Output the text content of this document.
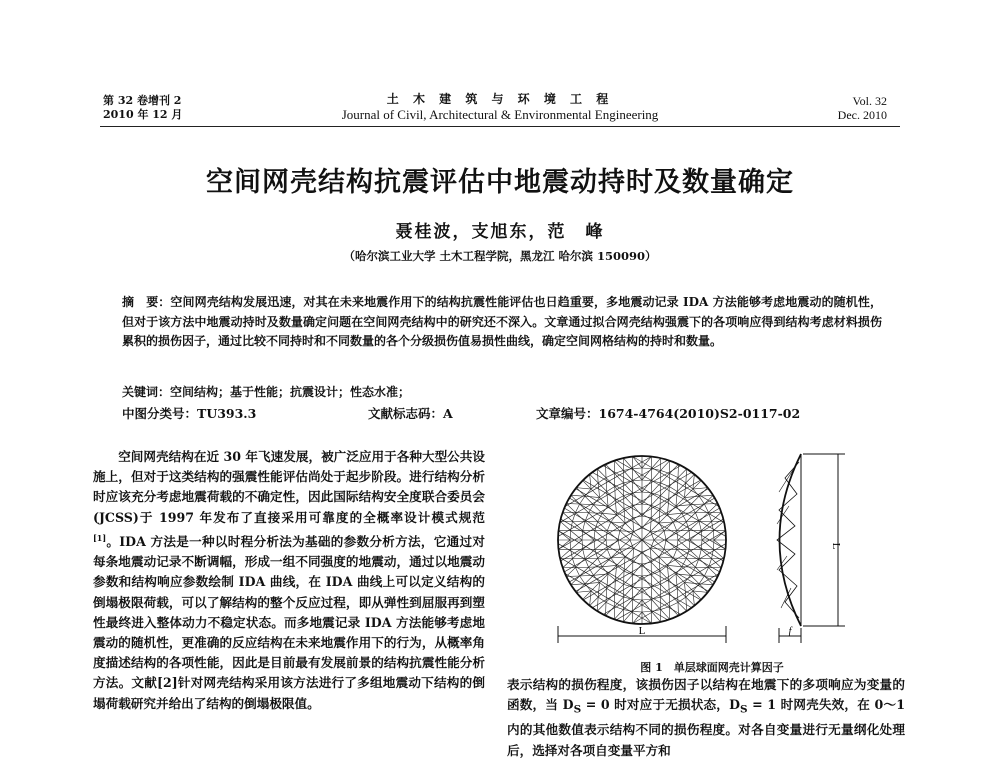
第 32 卷增刊 2
2010 年 12 月
土 木 建 筑 与 环 境 工 程
Journal of Civil, Architectural & Environmental Engineering
Vol. 32
Dec. 2010
空间网壳结构抗震评估中地震动持时及数量确定
聂桂波，支旭东，范　峰
（哈尔滨工业大学 土木工程学院，黑龙江 哈尔滨 150090）
摘　要：空间网壳结构发展迅速，对其在未来地震作用下的结构抗震性能评估也日趋重要，多地震动记录 IDA 方法能够考虑地震动的随机性，但对于该方法中地震动持时及数量确定问题在空间网壳结构中的研究还不深入。文章通过拟合网壳结构强震下的各项响应得到结构考虑材料损伤累积的损伤因子，通过比较不同持时和不同数量的各个分级损伤值易损性曲线，确定空间网格结构的持时和数量。
关键词：空间结构；基于性能；抗震设计；性态水准；
中图分类号：TU393.3	文献标志码：A	文章编号：1674-4764(2010)S2-0117-02

空间网壳结构在近 30 年飞速发展，被广泛应用于各种大型公共设施上，但对于这类结构的强震性能评估尚处于起步阶段。进行结构分析时应该充分考虑地震荷载的不确定性，因此国际结构安全度联合委员会(JCSS)于 1997 年发布了直接采用可靠度的全概率设计模式规范[1]。IDA 方法是一种以时程分析法为基础的参数分析方法，它通过对每条地震动记录不断调幅，形成一组不同强度的地震动，通过以地震动参数和结构响应参数绘制 IDA 曲线，在 IDA 曲线上可以定义结构的倒塌极限荷载，可以了解结构的整个反应过程，即从弹性到屈服再到塑性最终进入整体动力不稳定状态。而多地震记录 IDA 方法能够考虑地震动的随机性，更准确的反应结构在未来地震作用下的行为，从概率角度描述结构的各项性能，因此是目前最有发展前景的结构抗震性能分析方法。文献[2]针对网壳结构采用该方法进行了多组地震动下结构的倒塌荷载研究并给出了结构的倒塌极限值。

L
L
f
图 1　单层球面网壳计算因子
表示结构的损伤程度，该损伤因子以结构在地震下的多项响应为变量的函数，当 $D_S = 0$ 时对应于无损状态，$D_S = 1$ 时网壳失效，在 0～1 内的其他数值表示结构不同的损伤程度。对各自变量进行无量纲化处理后，选择对各项自变量平方和
